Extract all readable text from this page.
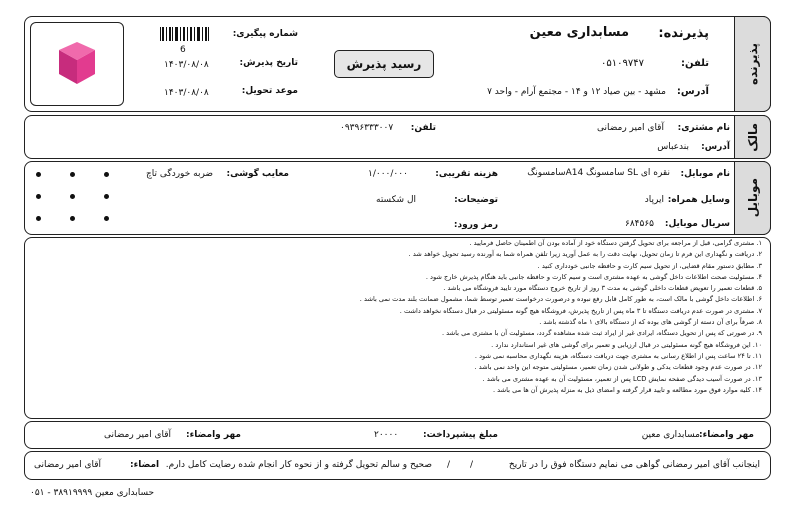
پذیرنده
پذیرنده:
مسابداری معین
تلفن:
۰۵۱۰۹۷۴۷
آدرس:
مشهد - بین صیاد ۱۲ و ۱۴ - مجتمع آرام - واحد ۷
رسید پذیرش
شماره پیگیری:
6
تاریخ پذیرش:
۱۴۰۳/۰۸/۰۸
موعد تحویل:
۱۴۰۳/۰۸/۰۸
مالک
نام مشتری:
آقای امیر رمضانی
تلفن:
۰۹۳۹۶۳۳۳۰۰۷
آدرس:
بندعباس
موبایل
نام موبایل:
نقره ای SL سامسونگ A14سامسونگ
وسایل همراه:
ایرپاد
سریال موبایل:
۶۸۴۵۶۵
هزینه تقریبی:
۱/۰۰۰/۰۰۰
توضیحات:
ال شکسته
رمز ورود:
معایب گوشی:
ضربه خوردگی تاچ
۱. مشتری گرامی، قبل از مراجعه برای تحویل گرفتن دستگاه خود از آماده بودن آن اطمینان حاصل فرمایید .
۲. دریافت و نگهداری این فرم تا زمان تحویل، نهایت دقت را به عمل آورید زیرا تلفن همراه شما به آورنده رسید تحویل خواهد شد .
۳. مطابق دستور مقام قضایی، از تحویل سیم کارت و حافظه جانبی خودداری کنید .
۴. مسئولیت صحت اطلاعات داخل گوشی به عهده مشتری است و سیم کارت و حافظه جانبی باید هنگام پذیرش خارج شود .
۵. قطعات تعمیر را تعویض قطعات داخلی گوشی به مدت ۳ روز از تاریخ خروج دستگاه مورد تایید فروشگاه می باشد .
۶. اطلاعات داخل گوشی با مالک است، به طور کامل قابل رفع نبوده و درصورت درخواست تعمیر توسط شما، مشمول ضمانت بلند مدت نمی باشد .
۷. مشتری در صورت عدم دریافت دستگاه تا ۳ ماه پس از تاریخ پذیرش، فروشگاه هیچ گونه مسئولیتی در قبال دستگاه نخواهد داشت .
۸. صرفاً برای آن دسته از گوشی های بوده که از دستگاه بالای ۱ ماه گذشته باشد .
۹. در صورتی که پس از تحویل دستگاه، ایرادی غیر از ایراد ثبت شده مشاهده گردد، مسئولیت آن با مشتری می باشد .
۱۰. این فروشگاه هیچ گونه مسئولیتی در قبال ارزیابی و تعمیر برای گوشی های غیر استاندارد ندارد .
۱۱. تا ۲۴ ساعت پس از اطلاع رسانی به مشتری جهت دریافت دستگاه، هزینه نگهداری محاسبه نمی شود .
۱۲. در صورت عدم وجود قطعات یدکی و طولانی شدن زمان تعمیر، مسئولیتی متوجه این واحد نمی باشد .
۱۳. در صورت آسیب دیدگی صفحه نمایش LCD پس از تعمیر، مسئولیت آن به عهده مشتری می باشد .
۱۴. کلیه موارد فوق مورد مطالعه و تایید قرار گرفته و امضای ذیل به منزله پذیرش آن ها می باشد .
مهر وامضاء:
مسابداری معین
مبلغ پیشپرداخت:
۲۰۰۰۰
مهر وامضاء:
آقای امیر رمضانی
اینجانب آقای امیر رمضانی گواهی می نمایم دستگاه فوق را در تاریخ
/
/
صحیح و سالم تحویل گرفته و از نحوه کار انجام شده رضایت کامل دارم.
امضاء:
آقای امیر رمضانی
حسابداری معین ۳۸۹۱۹۹۹۹ - ۰۵۱
